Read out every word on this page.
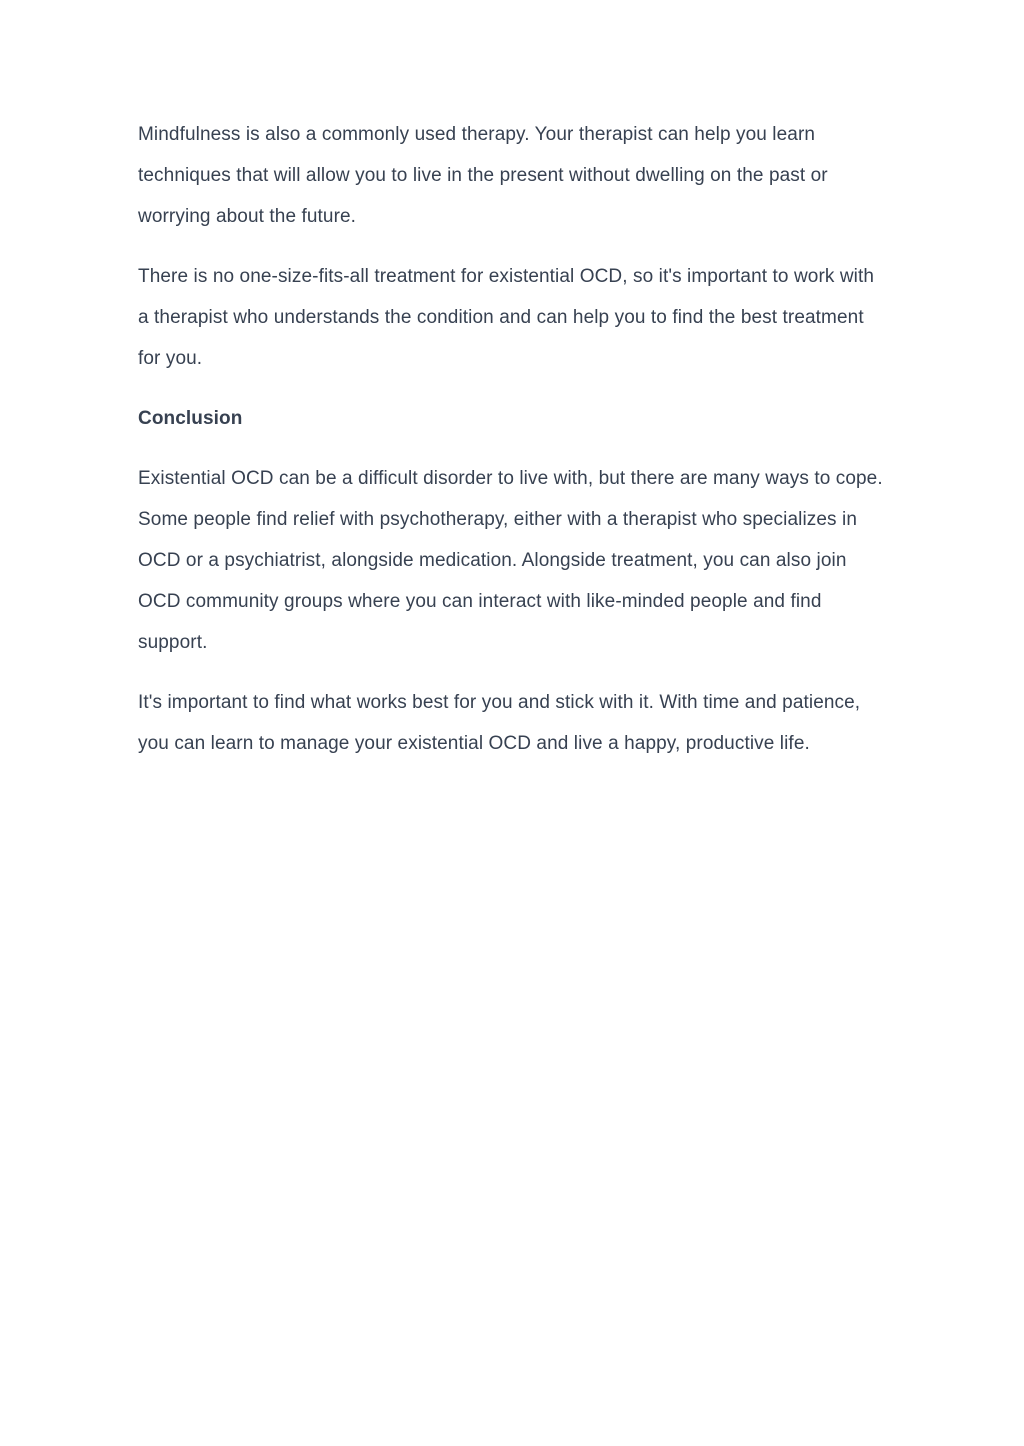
Mindfulness is also a commonly used therapy. Your therapist can help you learn techniques that will allow you to live in the present without dwelling on the past or worrying about the future.

There is no one-size-fits-all treatment for existential OCD, so it's important to work with a therapist who understands the condition and can help you to find the best treatment for you.

Conclusion

Existential OCD can be a difficult disorder to live with, but there are many ways to cope. Some people find relief with psychotherapy, either with a therapist who specializes in OCD or a psychiatrist, alongside medication. Alongside treatment, you can also join OCD community groups where you can interact with like-minded people and find support.

It's important to find what works best for you and stick with it. With time and patience, you can learn to manage your existential OCD and live a happy, productive life.
